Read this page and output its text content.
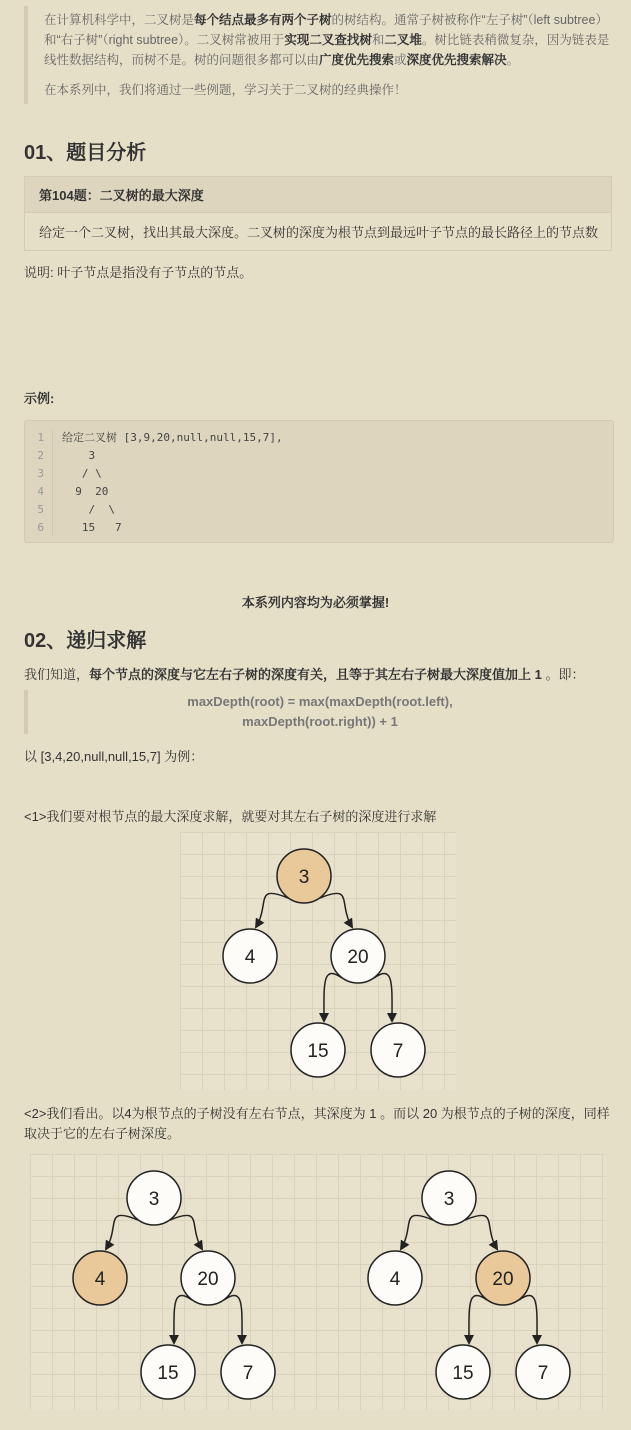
在计算机科学中，二叉树是每个结点最多有两个子树的树结构。通常子树被称作“左子树”（left subtree）和“右子树”（right subtree）。二叉树常被用于实现二叉查找树和二叉堆。树比链表稍微复杂，因为链表是线性数据结构，而树不是。树的问题很多都可以由广度优先搜索或深度优先搜索解决。

在本系列中，我们将通过一些例题，学习关于二叉树的经典操作！

01、题目分析
第104题：二叉树的最大深度
给定一个二叉树，找出其最大深度。二叉树的深度为根节点到最远叶子节点的最长路径上的节点数
说明: 叶子节点是指没有子节点的节点。
示例:
1	给定二叉树 [3,9,20,null,null,15,7],
2	3
3	/ \
4	9  20
5	/  \
6	15   7
本系列内容均为必须掌握!
02、递归求解
我们知道，每个节点的深度与它左右子树的深度有关，且等于其左右子树最大深度值加上 1 。即：
maxDepth(root) = max(maxDepth(root.left),
maxDepth(root.right)) + 1
以 [3,4,20,null,null,15,7] 为例：
<1>我们要对根节点的最大深度求解，就要对其左右子树的深度进行求解
3
4	20
15	7
<2>我们看出。以4为根节点的子树没有左右节点，其深度为 1 。而以 20 为根节点的子树的深度，同样
取决于它的左右子树深度。
3
4	20
15	7
3
4	20
15	7
